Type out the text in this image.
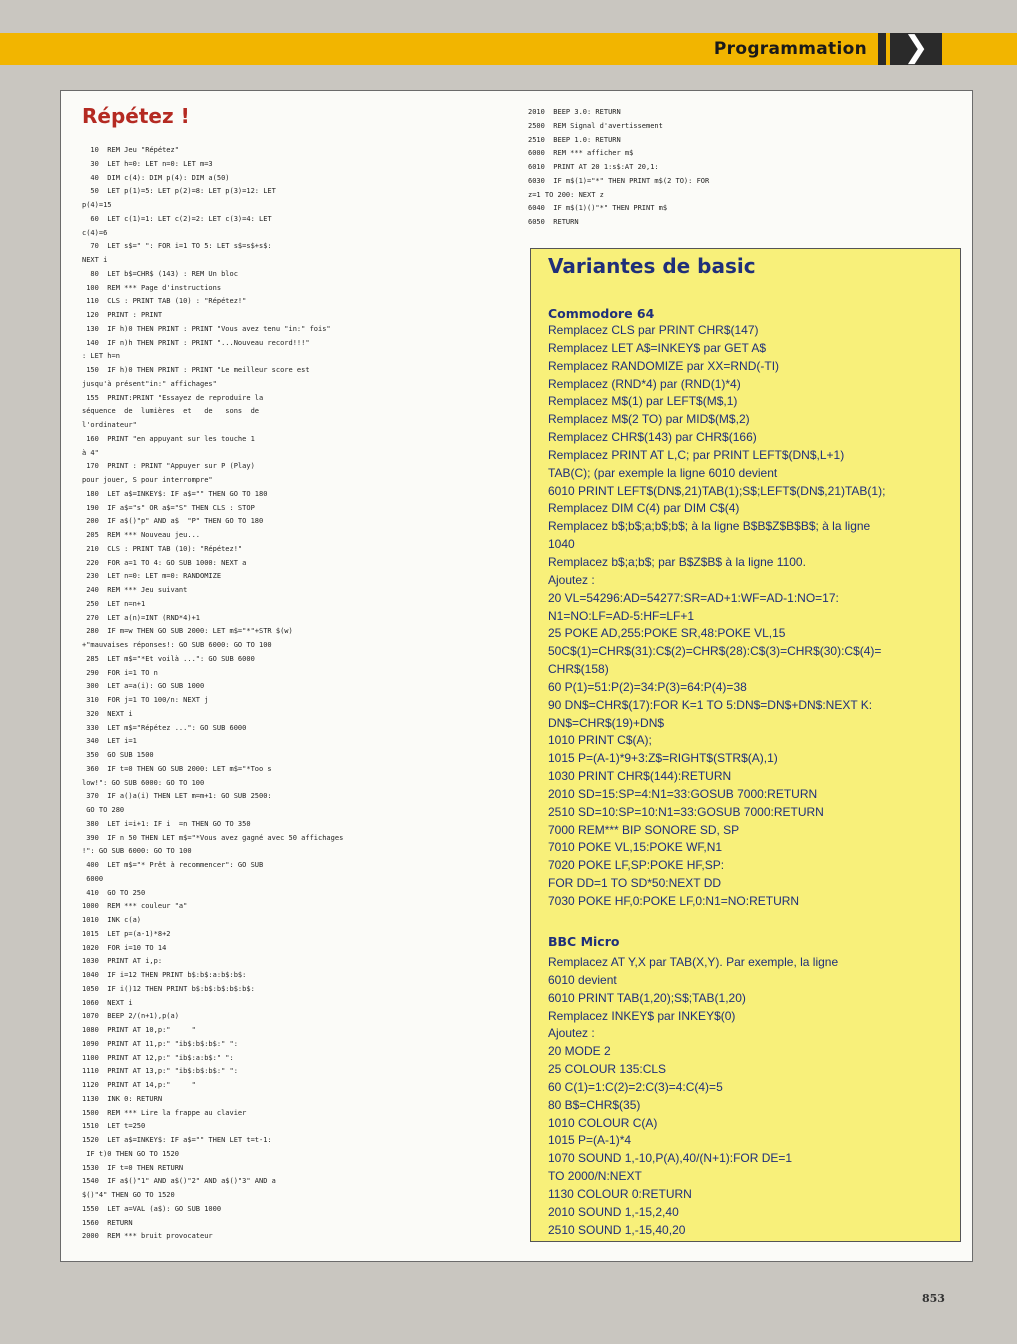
Programmation	❯
Répétez !
10  REM Jeu "Répétez"
30  LET h=0: LET n=0: LET m=3
40  DIM c(4): DIM p(4): DIM a(50)
50  LET p(1)=5: LET p(2)=8: LET p(3)=12: LET
p(4)=15
60  LET c(1)=1: LET c(2)=2: LET c(3)=4: LET
c(4)=6
70  LET s$=" ": FOR i=1 TO 5: LET s$=s$+s$:
NEXT i
80  LET b$=CHR$ (143) : REM Un bloc
100  REM *** Page d'instructions
110  CLS : PRINT TAB (10) : "Répétez!"
120  PRINT : PRINT
130  IF h)0 THEN PRINT : PRINT "Vous avez tenu "in:" fois"
140  IF n)h THEN PRINT : PRINT "...Nouveau record!!!"
: LET h=n
150  IF h)0 THEN PRINT : PRINT "Le meilleur score est
jusqu'à présent"in:" affichages"
155  PRINT:PRINT "Essayez de reproduire la
séquence  de  lumières  et   de   sons  de
l'ordinateur"
160  PRINT "en appuyant sur les touche 1
à 4"
170  PRINT : PRINT "Appuyer sur P (Play)
pour jouer, S pour interrompre"
180  LET a$=INKEY$: IF a$="" THEN GO TO 180
190  IF a$="s" OR a$="S" THEN CLS : STOP
200  IF a$()"p" AND a$  "P" THEN GO TO 180
205  REM *** Nouveau jeu...
210  CLS : PRINT TAB (10): "Répétez!"
220  FOR a=1 TO 4: GO SUB 1000: NEXT a
230  LET n=0: LET m=0: RANDOMIZE
240  REM *** Jeu suivant
250  LET n=n+1
270  LET a(n)=INT (RND*4)+1
280  IF m=w THEN GO SUB 2000: LET m$="*"+STR $(w)
+"mauvaises réponses!: GO SUB 6000: GO TO 100
285  LET m$="*Et voilà ...": GO SUB 6000
290  FOR i=1 TO n
300  LET a=a(i): GO SUB 1000
310  FOR j=1 TO 100/n: NEXT j
320  NEXT i
330  LET m$="Répétez ...": GO SUB 6000
340  LET i=1
350  GO SUB 1500
360  IF t=0 THEN GO SUB 2000: LET m$="*Too s
low!": GO SUB 6000: GO TO 100
370  IF a()a(i) THEN LET m=m+1: GO SUB 2500:
GO TO 280
380  LET i=i+1: IF i  =n THEN GO TO 350
390  IF n 50 THEN LET m$="*Vous avez gagné avec 50 affichages
!": GO SUB 6000: GO TO 100
400  LET m$="* Prêt à recommencer": GO SUB
6000
410  GO TO 250
1000  REM *** couleur "a"
1010  INK c(a)
1015  LET p=(a-1)*8+2
1020  FOR i=10 TO 14
1030  PRINT AT i,p:
1040  IF i=12 THEN PRINT b$:b$:a:b$:b$:
1050  IF i()12 THEN PRINT b$:b$:b$:b$:b$:
1060  NEXT i
1070  BEEP 2/(n+1),p(a)
1080  PRINT AT 10,p:"     "
1090  PRINT AT 11,p:" "ib$:b$:b$:" ":
1100  PRINT AT 12,p:" "ib$:a:b$:" ":
1110  PRINT AT 13,p:" "ib$:b$:b$:" ":
1120  PRINT AT 14,p:"     "
1130  INK 0: RETURN
1500  REM *** Lire la frappe au clavier
1510  LET t=250
1520  LET a$=INKEY$: IF a$="" THEN LET t=t-1:
IF t)0 THEN GO TO 1520
1530  IF t=0 THEN RETURN
1540  IF a$()"1" AND a$()"2" AND a$()"3" AND a
$()"4" THEN GO TO 1520
1550  LET a=VAL (a$): GO SUB 1000
1560  RETURN
2000  REM *** bruit provocateur
2010  BEEP 3.0: RETURN
2500  REM Signal d'avertissement
2510  BEEP 1.0: RETURN
6000  REM *** afficher m$
6010  PRINT AT 20 1:s$:AT 20,1:
6030  IF m$(1)="*" THEN PRINT m$(2 TO): FOR
z=1 TO 200: NEXT z
6040  IF m$(1)()"*" THEN PRINT m$
6050  RETURN
Variantes de basic
Commodore 64
Remplacez CLS par PRINT CHR$(147)
Remplacez LET A$=INKEY$ par GET A$
Remplacez RANDOMIZE par XX=RND(-TI)
Remplacez (RND*4) par (RND(1)*4)
Remplacez M$(1) par LEFT$(M$,1)
Remplacez M$(2 TO) par MID$(M$,2)
Remplacez CHR$(143) par CHR$(166)
Remplacez PRINT AT L,C; par PRINT LEFT$(DN$,L+1)
TAB(C); (par exemple la ligne 6010 devient
6010 PRINT LEFT$(DN$,21)TAB(1);S$;LEFT$(DN$,21)TAB(1);
Remplacez DIM C(4) par DIM C$(4)
Remplacez b$;b$;a;b$;b$; à la ligne B$B$Z$B$B$; à la ligne
1040
Remplacez b$;a;b$; par B$Z$B$ à la ligne 1100.
Ajoutez :
20 VL=54296:AD=54277:SR=AD+1:WF=AD-1:NO=17:
N1=NO:LF=AD-5:HF=LF+1
25 POKE AD,255:POKE SR,48:POKE VL,15
50C$(1)=CHR$(31):C$(2)=CHR$(28):C$(3)=CHR$(30):C$(4)=
CHR$(158)
60 P(1)=51:P(2)=34:P(3)=64:P(4)=38
90 DN$=CHR$(17):FOR K=1 TO 5:DN$=DN$+DN$:NEXT K:
DN$=CHR$(19)+DN$
1010 PRINT C$(A);
1015 P=(A-1)*9+3:Z$=RIGHT$(STR$(A),1)
1030 PRINT CHR$(144):RETURN
2010 SD=15:SP=4:N1=33:GOSUB 7000:RETURN
2510 SD=10:SP=10:N1=33:GOSUB 7000:RETURN
7000 REM*** BIP SONORE SD, SP
7010 POKE VL,15:POKE WF,N1
7020 POKE LF,SP:POKE HF,SP:
FOR DD=1 TO SD*50:NEXT DD
7030 POKE HF,0:POKE LF,0:N1=NO:RETURN
BBC Micro
Remplacez AT Y,X par TAB(X,Y). Par exemple, la ligne
6010 devient
6010 PRINT TAB(1,20);S$;TAB(1,20)
Remplacez INKEY$ par INKEY$(0)
Ajoutez :
20 MODE 2
25 COLOUR 135:CLS
60 C(1)=1:C(2)=2:C(3)=4:C(4)=5
80 B$=CHR$(35)
1010 COLOUR C(A)
1015 P=(A-1)*4
1070 SOUND 1,-10,P(A),40/(N+1):FOR DE=1
TO 2000/N:NEXT
1130 COLOUR 0:RETURN
2010 SOUND 1,-15,2,40
2510 SOUND 1,-15,40,20
853
